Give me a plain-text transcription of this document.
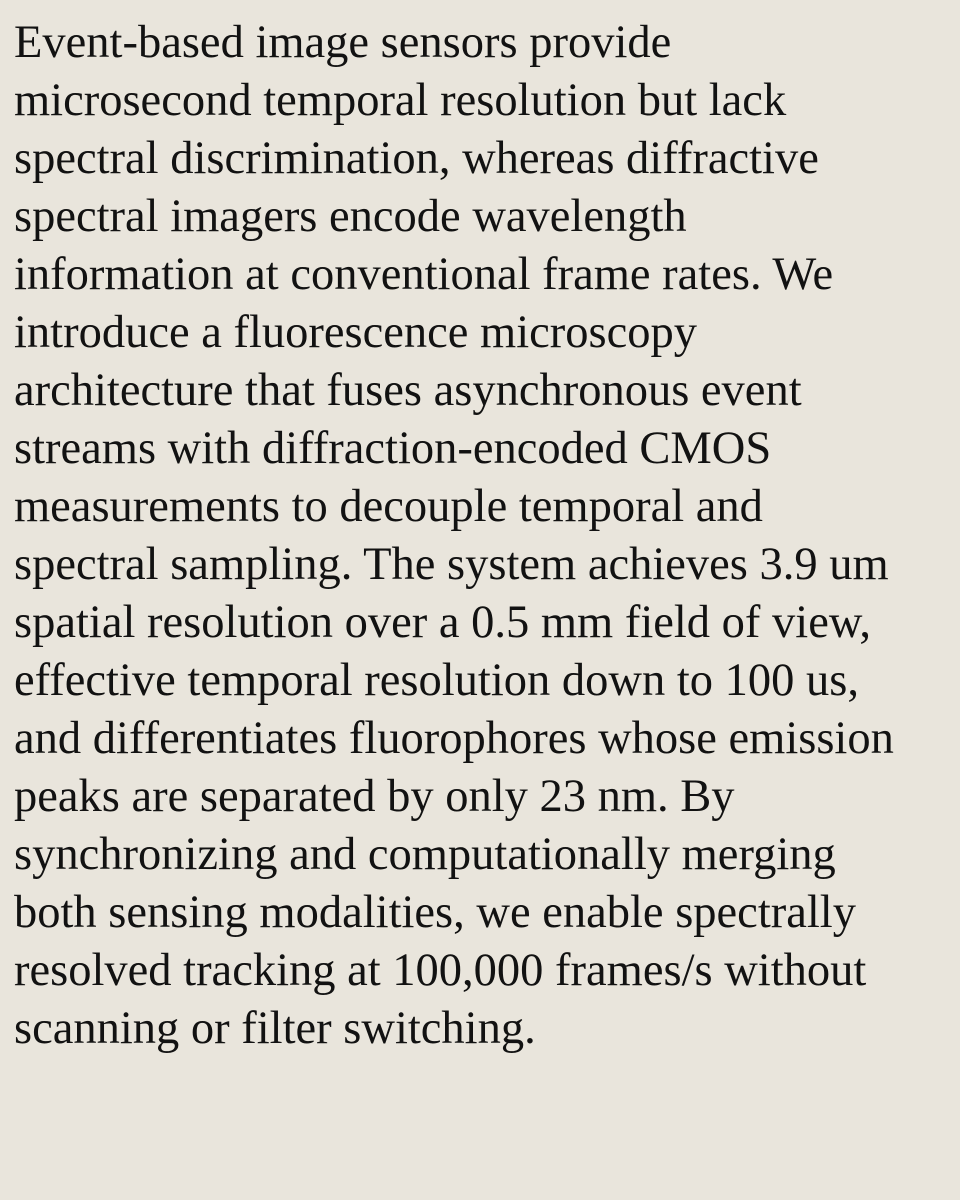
Event-based image sensors provide
microsecond temporal resolution but lack
spectral discrimination, whereas diffractive
spectral imagers encode wavelength
information at conventional frame rates. We
introduce a fluorescence microscopy
architecture that fuses asynchronous event
streams with diffraction-encoded CMOS
measurements to decouple temporal and
spectral sampling. The system achieves 3.9 um
spatial resolution over a 0.5 mm field of view,
effective temporal resolution down to 100 us,
and differentiates fluorophores whose emission
peaks are separated by only 23 nm. By
synchronizing and computationally merging
both sensing modalities, we enable spectrally
resolved tracking at 100,000 frames/s without
scanning or filter switching.
